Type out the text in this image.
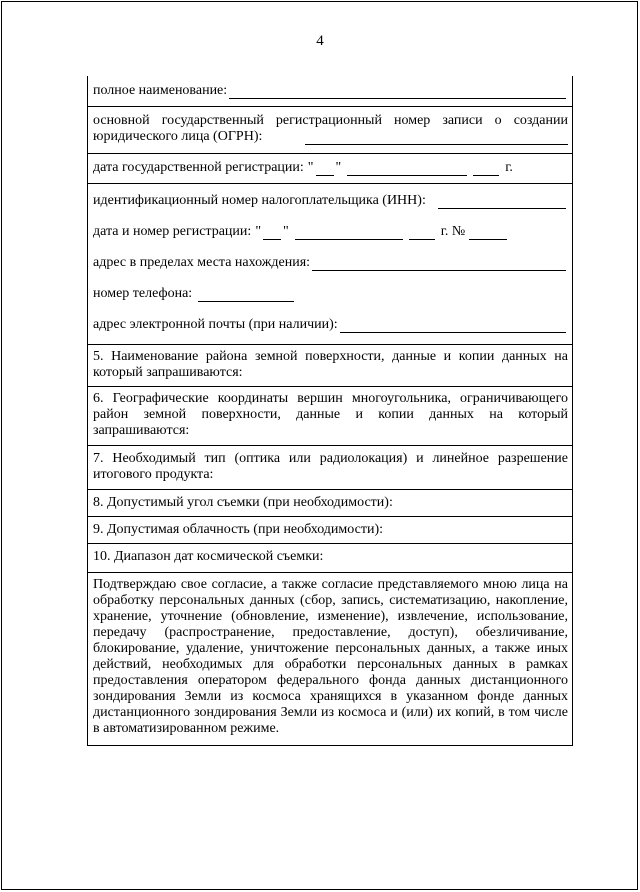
4
полное наименование:
основной государственный регистрационный номер записи о создании юридического лица (ОГРН):
дата государственной регистрации: " "	г.
идентификационный номер налогоплательщика (ИНН):
дата и номер регистрации: " "	г. №
адрес в пределах места нахождения:
номер телефона:
адрес электронной почты (при наличии):
5. Наименование района земной поверхности, данные и копии данных на который запрашиваются:
6. Географические координаты вершин многоугольника, ограничивающего район земной поверхности, данные и копии данных на который запрашиваются:
7. Необходимый тип (оптика или радиолокация) и линейное разрешение итогового продукта:
8. Допустимый угол съемки (при необходимости):
9. Допустимая облачность (при необходимости):
10. Диапазон дат космической съемки:
Подтверждаю свое согласие, а также согласие представляемого мною лица на обработку персональных данных (сбор, запись, систематизацию, накопление, хранение, уточнение (обновление, изменение), извлечение, использование, передачу (распространение, предоставление, доступ), обезличивание, блокирование, удаление, уничтожение персональных данных, а также иных действий, необходимых для обработки персональных данных в рамках предоставления оператором федерального фонда данных дистанционного зондирования Земли из космоса хранящихся в указанном фонде данных дистанционного зондирования Земли из космоса и (или) их копий, в том числе в автоматизированном режиме.
